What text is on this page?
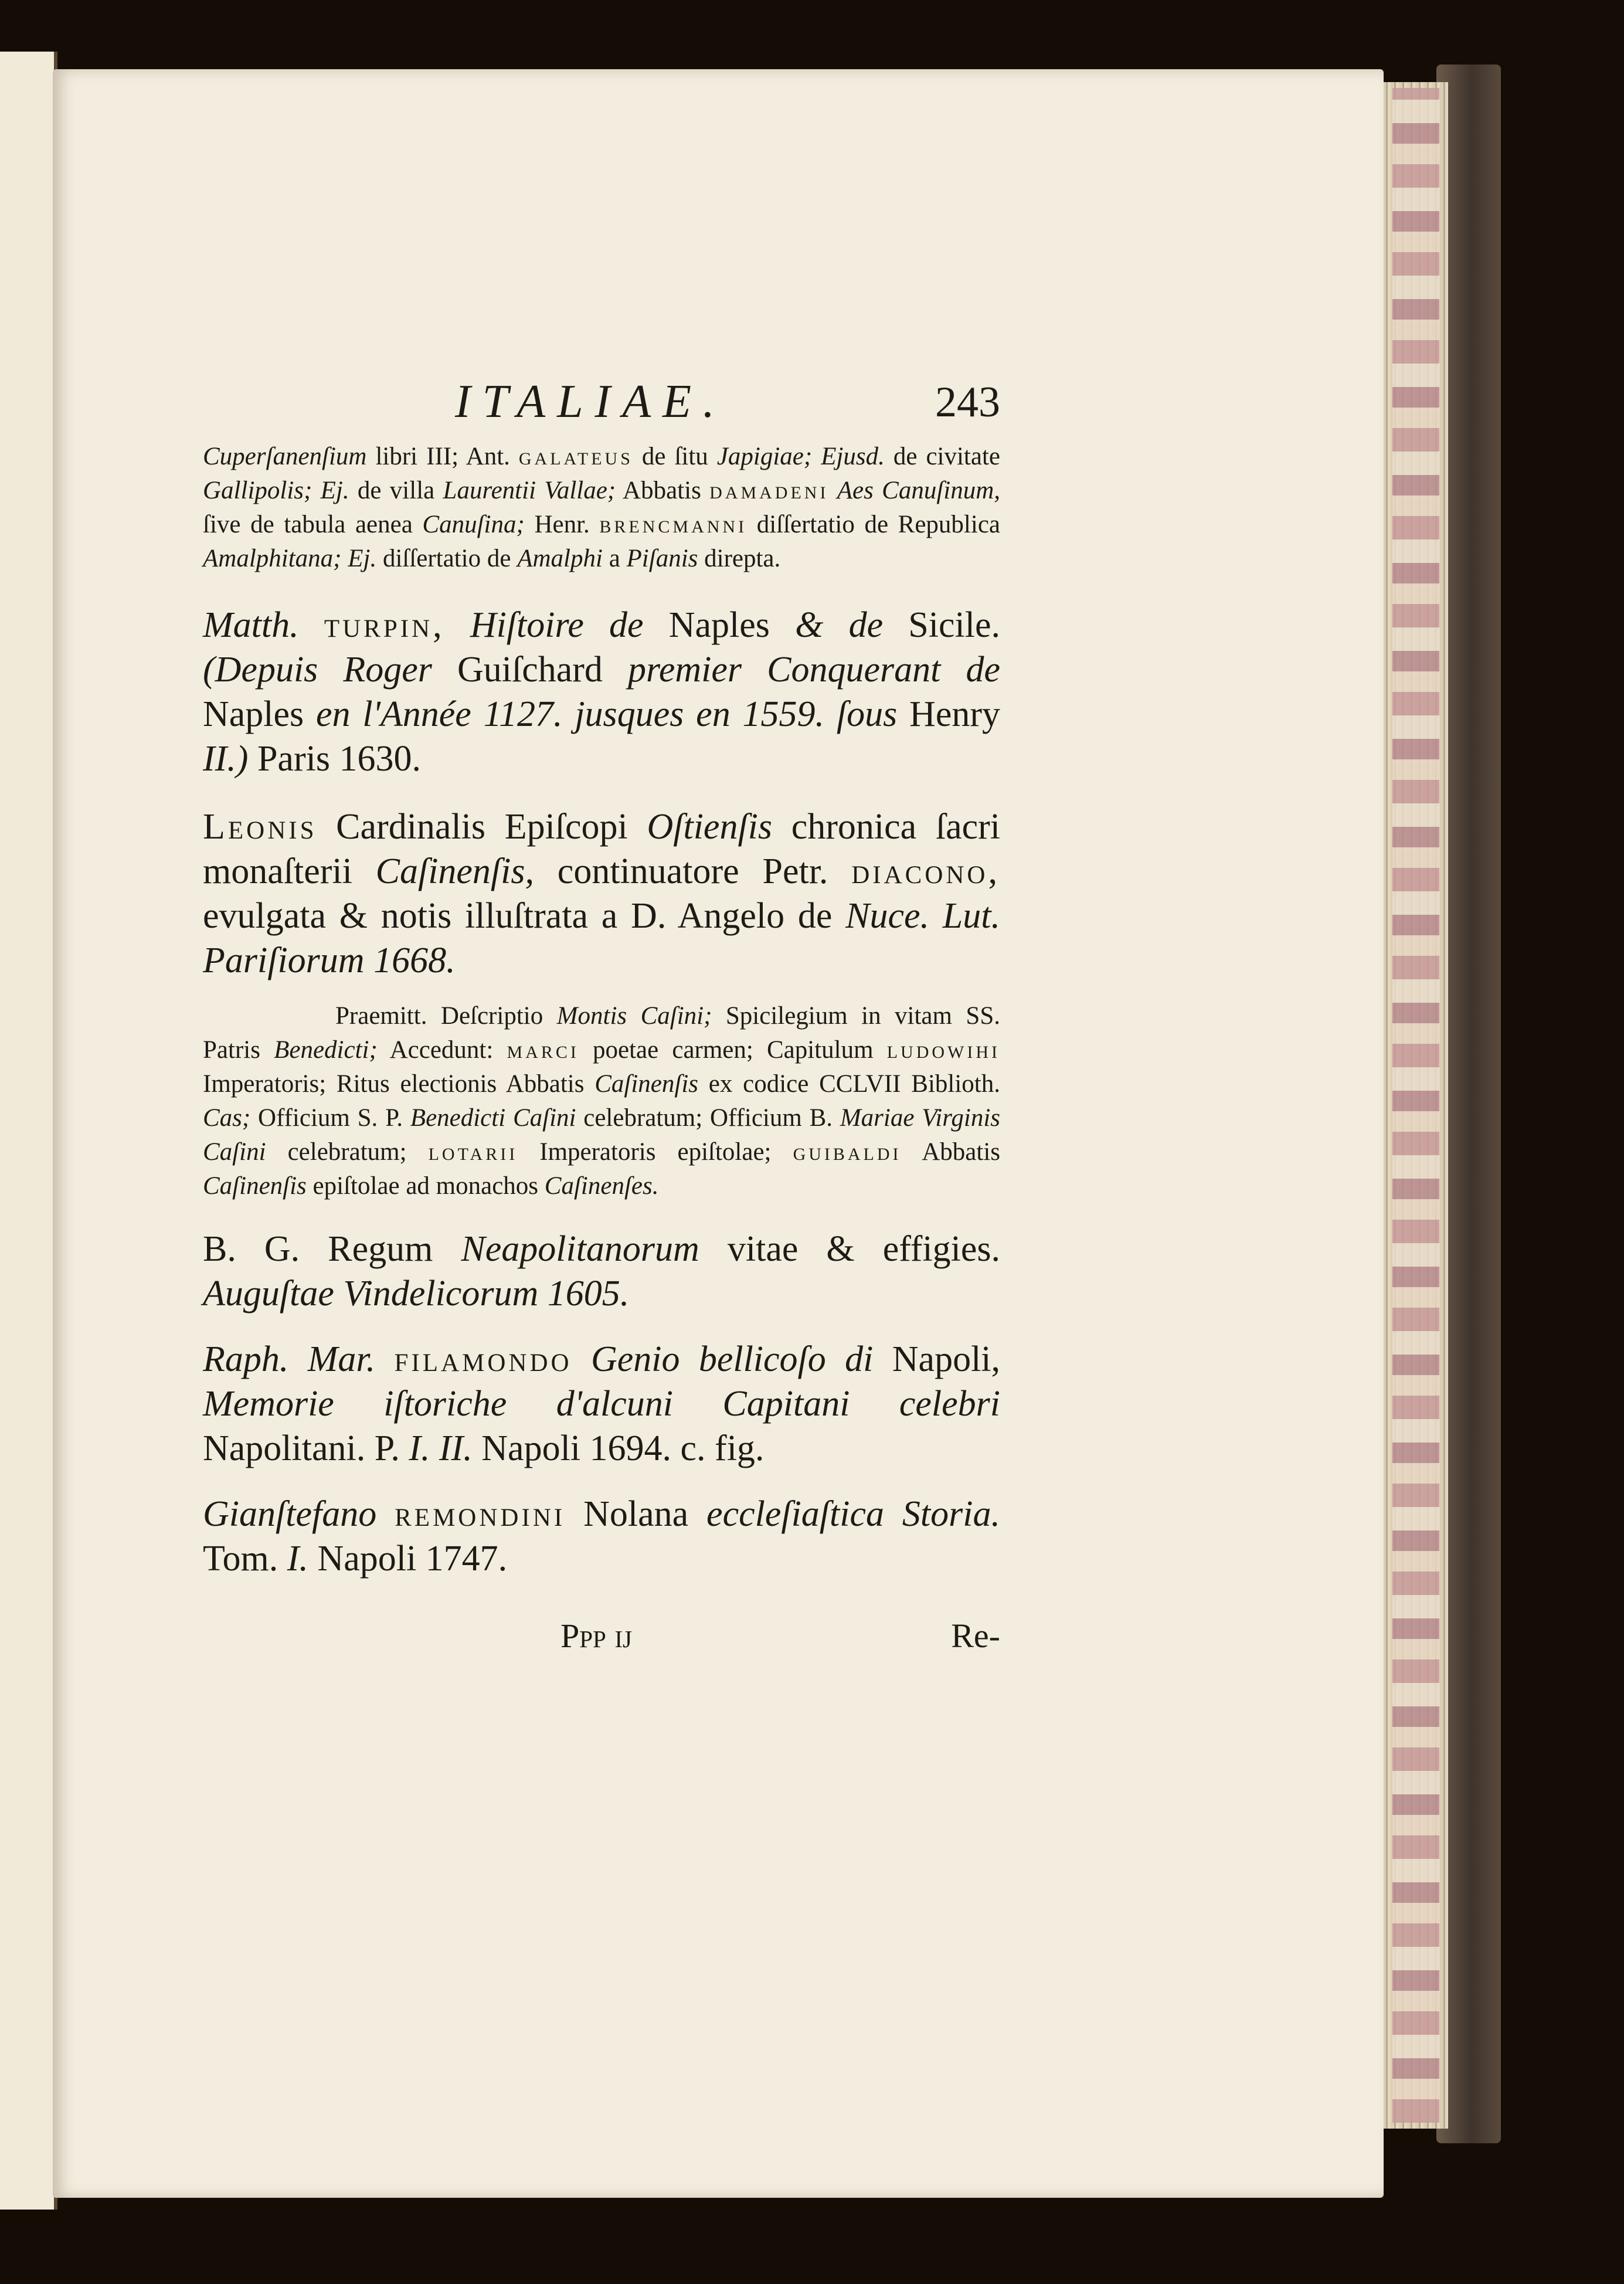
ITALIAE.	243

Cuperſanenſium libri III; Ant. galateus de ſitu Japigiae; Ejusd. de civitate Gallipolis; Ej. de villa Laurentii Vallae; Abbatis damadeni Aes Canuſinum, ſive de tabula aenea Canuſina; Henr. brencmanni diſſertatio de Republica Amalphitana; Ej. diſſertatio de Amalphi a Piſanis direpta.

Matth. turpin, Hiſtoire de Naples & de Sicile. (Depuis Roger Guiſchard premier Conquerant de Naples en l'Année 1127. jusques en 1559. ſous Henry II.) Paris 1630.

Leonis Cardinalis Epiſcopi Oſtienſis chronica ſacri monaſterii Caſinenſis, continuatore Petr. diacono, evulgata & notis illuſtrata a D. Angelo de Nuce. Lut. Pariſiorum 1668.

Praemitt. Deſcriptio Montis Caſini; Spicilegium in vitam SS. Patris Benedicti; Accedunt: marci poetae carmen; Capitulum ludowihi Imperatoris; Ritus electionis Abbatis Caſinenſis ex codice CCLVII Biblioth. Cas; Officium S. P. Benedicti Caſini celebratum; Officium B. Mariae Virginis Caſini celebratum; lotarii Imperatoris epiſtolae; guibaldi Abbatis Caſinenſis epiſtolae ad monachos Caſinenſes.

B. G. Regum Neapolitanorum vitae & effigies. Auguſtae Vindelicorum 1605.

Raph. Mar. filamondo Genio bellicoſo di Napoli, Memorie iſtoriche d'alcuni Capitani celebri Napolitani. P. I. II. Napoli 1694. c. fig.

Gianſtefano remondini Nolana eccleſiaſtica Storia. Tom. I. Napoli 1747.

Ppp ij	Re-
